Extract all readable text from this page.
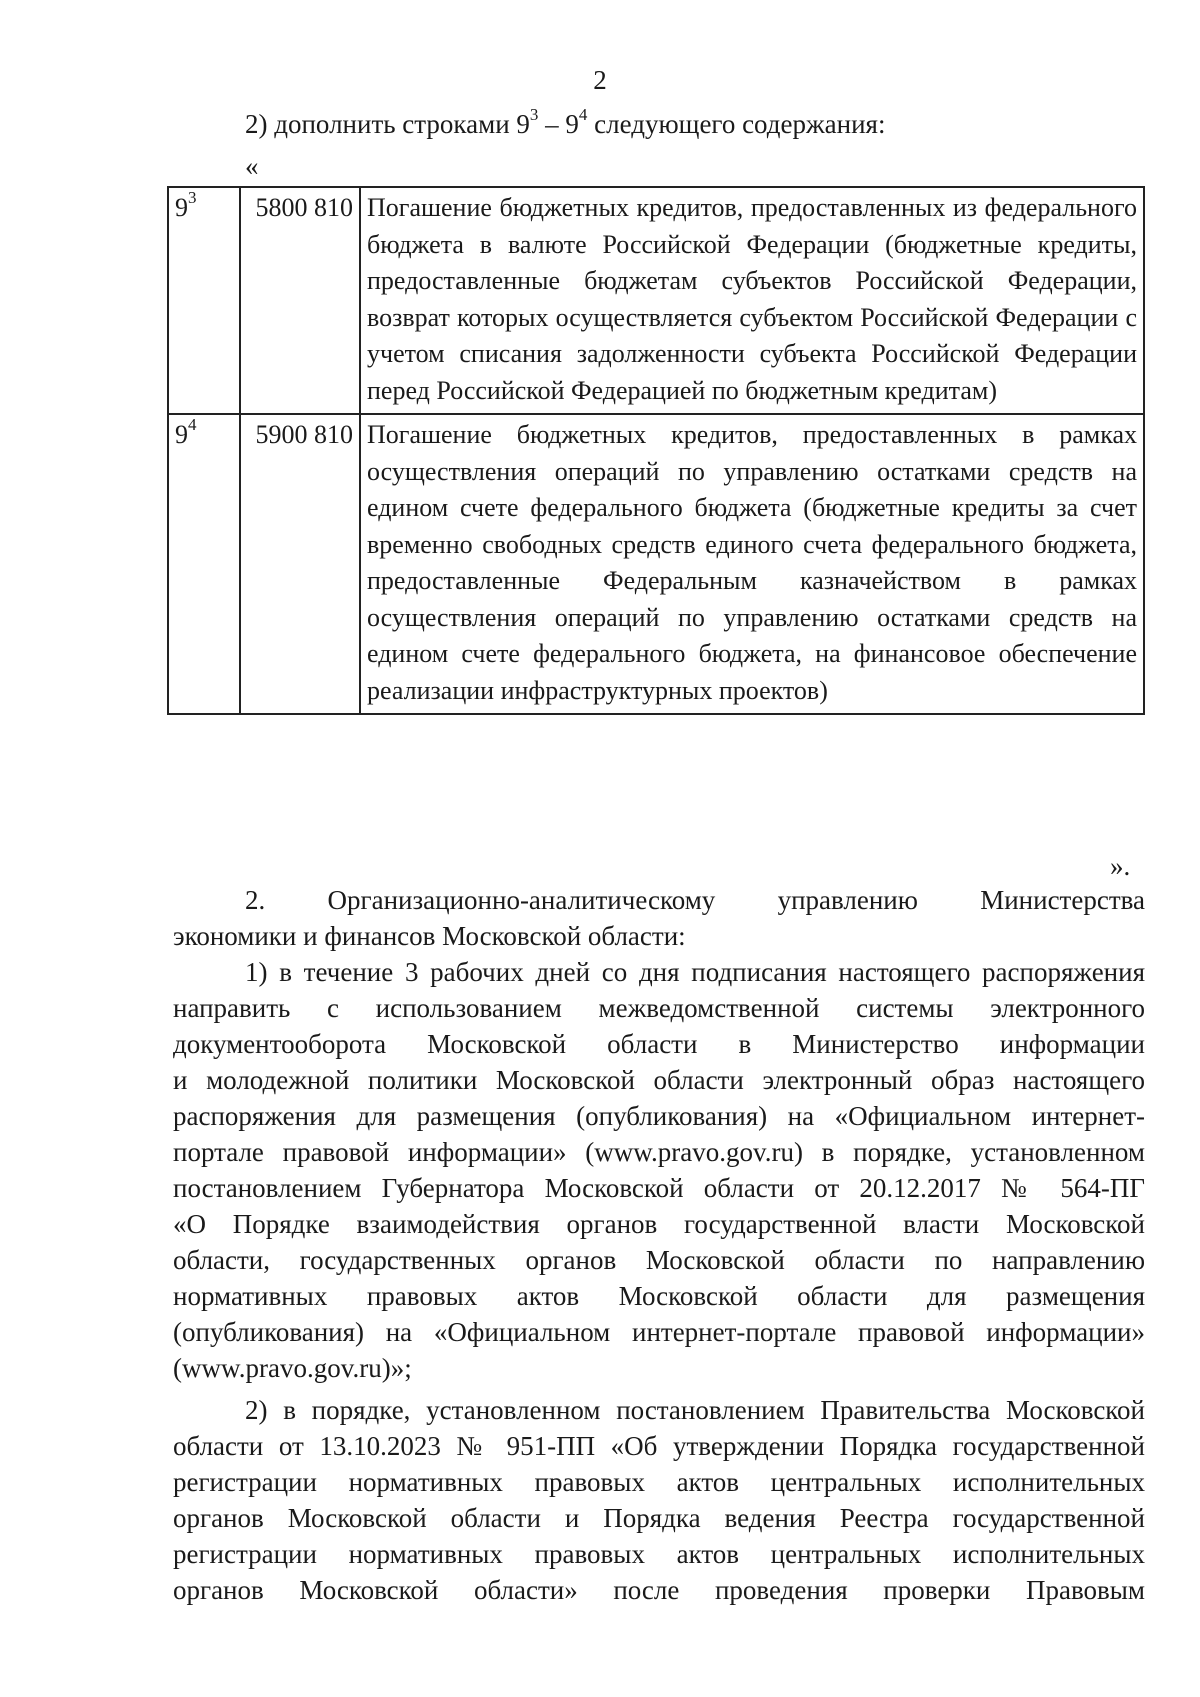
2
2) дополнить строками $9^3 - 9^4$ следующего содержания:
«
$9^3$	5800 810	Погашение бюджетных кредитов, предоставленных из федерального бюджета в валюте Российской Федерации (бюджетные кредиты, предоставленные бюджетам субъектов Российской Федерации, возврат которых осуществляется субъектом Российской Федерации с учетом списания задолженности субъекта Российской Федерации перед Российской Федерацией по бюджетным кредитам)

$9^4$	5900 810	Погашение бюджетных кредитов, предоставленных в рамках осуществления операций по управлению остатками средств на едином счете федерального бюджета (бюджетные кредиты за счет временно свободных средств единого счета федерального бюджета, предоставленные Федеральным казначейством в рамках осуществления операций по управлению остатками средств на едином счете федерального бюджета, на финансовое обеспечение реализации инфраструктурных проектов)
».
2. Организационно-аналитическому управлению Министерства
экономики и финансов Московской области:
1) в течение 3 рабочих дней со дня подписания настоящего распоряжения
направить с использованием межведомственной системы электронного
документооборота Московской области в Министерство информации
и молодежной политики Московской области электронный образ настоящего
распоряжения для размещения (опубликования) на «Официальном интернет-
портале правовой информации» (www.pravo.gov.ru) в порядке, установленном
постановлением Губернатора Московской области от 20.12.2017 № 564-ПГ
«О Порядке взаимодействия органов государственной власти Московской
области, государственных органов Московской области по направлению
нормативных правовых актов Московской области для размещения
(опубликования) на «Официальном интернет-портале правовой информации»
(www.pravo.gov.ru)»;
2) в порядке, установленном постановлением Правительства Московской
области от 13.10.2023 № 951-ПП «Об утверждении Порядка государственной
регистрации нормативных правовых актов центральных исполнительных
органов Московской области и Порядка ведения Реестра государственной
регистрации нормативных правовых актов центральных исполнительных
органов Московской области» после проведения проверки Правовым
